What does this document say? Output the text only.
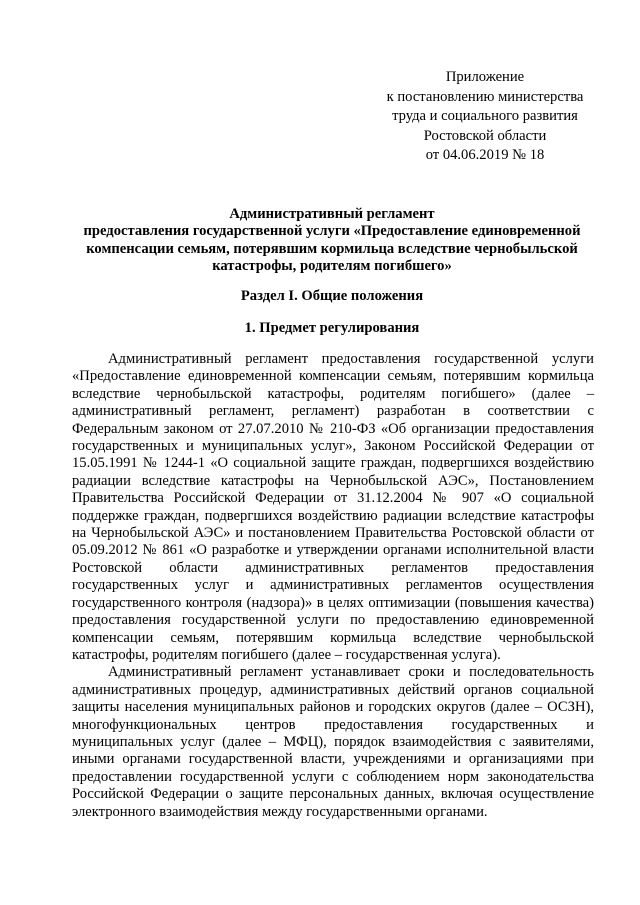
Приложение
к постановлению министерства
труда и социального развития
Ростовской области
от 04.06.2019 № 18
Административный регламент
предоставления государственной услуги «Предоставление единовременной
компенсации семьям, потерявшим кормильца вследствие чернобыльской
катастрофы, родителям погибшего»
Раздел I. Общие положения
1. Предмет регулирования

Административный регламент предоставления государственной услуги «Предоставление единовременной компенсации семьям, потерявшим кормильца вследствие чернобыльской катастрофы, родителям погибшего» (далее – административный регламент, регламент) разработан в соответствии с Федеральным законом от 27.07.2010 № 210-ФЗ «Об организации предоставления государственных и муниципальных услуг», Законом Российской Федерации от 15.05.1991 № 1244-1 «О социальной защите граждан, подвергшихся воздействию радиации вследствие катастрофы на Чернобыльской АЭС», Постановлением Правительства Российской Федерации от 31.12.2004 № 907 «О социальной поддержке граждан, подвергшихся воздействию радиации вследствие катастрофы на Чернобыльской АЭС» и постановлением Правительства Ростовской области от 05.09.2012 № 861 «О разработке и утверждении органами исполнительной власти Ростовской области административных регламентов предоставления государственных услуг и административных регламентов осуществления государственного контроля (надзора)» в целях оптимизации (повышения качества) предоставления государственной услуги по предоставлению единовременной компенсации семьям, потерявшим кормильца вследствие чернобыльской катастрофы, родителям погибшего (далее – государственная услуга).

Административный регламент устанавливает сроки и последовательность административных процедур, административных действий органов социальной защиты населения муниципальных районов и городских округов (далее – ОСЗН), многофункциональных центров предоставления государственных и муниципальных услуг (далее – МФЦ), порядок взаимодействия с заявителями, иными органами государственной власти, учреждениями и организациями при предоставлении государственной услуги с соблюдением норм законодательства Российской Федерации о защите персональных данных, включая осуществление электронного взаимодействия между государственными органами.
